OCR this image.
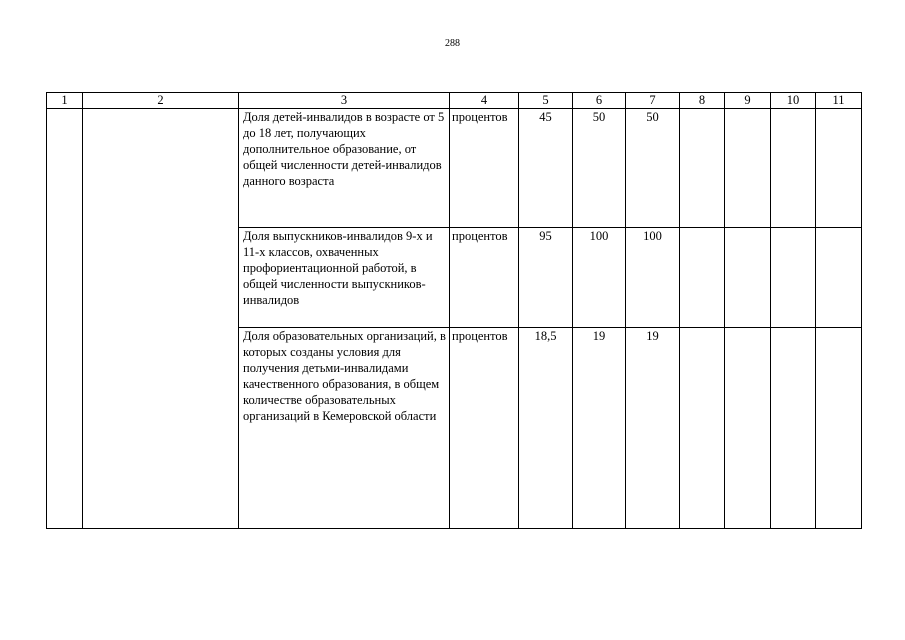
288
1	2	3	4	5	6	7	8	9	10	11
		Доля детей-инвалидов в возрасте от 5 до 18 лет, получающих дополнительное образование, от общей численности детей-инвалидов данного возраста	процентов	45	50	50				
		Доля выпускников-инвалидов 9-х и 11-х классов, охваченных профориентационной работой, в общей численности выпускников-инвалидов	процентов	95	100	100				
		Доля образовательных организаций, в которых созданы условия для получения детьми-инвалидами качественного образования, в общем количестве образовательных организаций в Кемеровской области	процентов	18,5	19	19				
